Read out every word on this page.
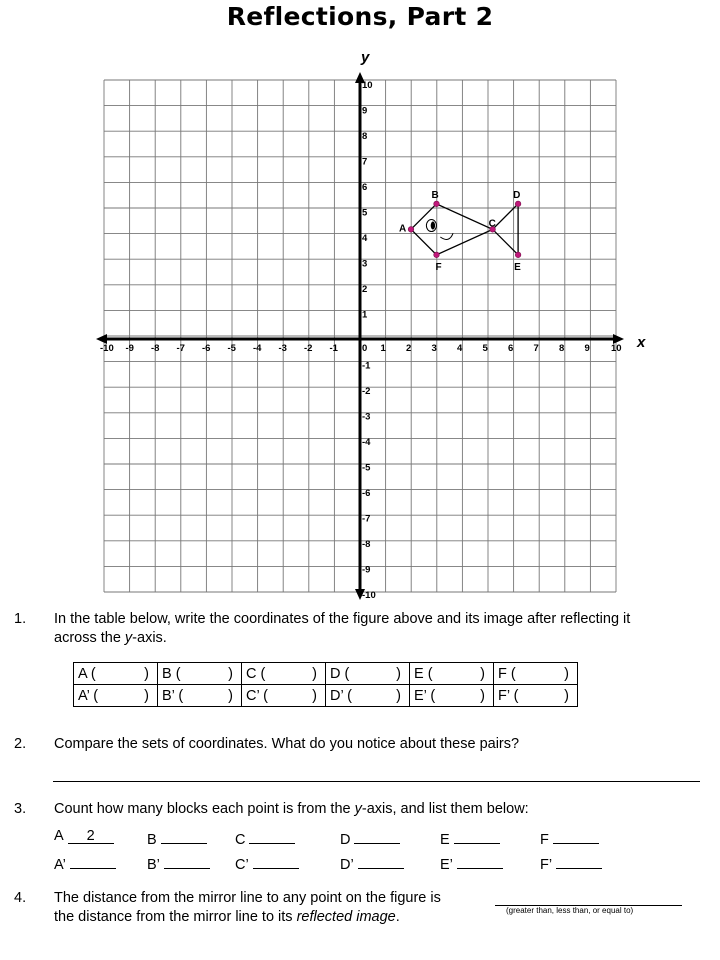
Reflections, Part 2
-10 -9 -8 -7 -6 -5 -4 -3 -2 -1	0 1 2 3 4 5 6 7 8 9 10
10
9
8
7
6
5
4
3
2
1
-1
-2
-3
-4
-5
-6
-7
-8
-9
-10
A
B
C
D
E
F
x
y
1. In the table below, write the coordinates of the figure above and its image after reflecting it
across the y-axis.
A ( )	B ( )	C ( )	D ( )	E ( )	F ( )

A’ ( )	B’ ( )	C’ ( )	D’ ( )	E’ ( )	F’ ( )
2. Compare the sets of coordinates. What do you notice about these pairs?
3. Count how many blocks each point is from the y-axis, and list them below:
A 2	B	C	D	E	F
A’	B’	C’	D’	E’	F’
4. The distance from the mirror line to any point on the figure is
the distance from the mirror line to its reflected image.	(greater than, less than, or equal to)
